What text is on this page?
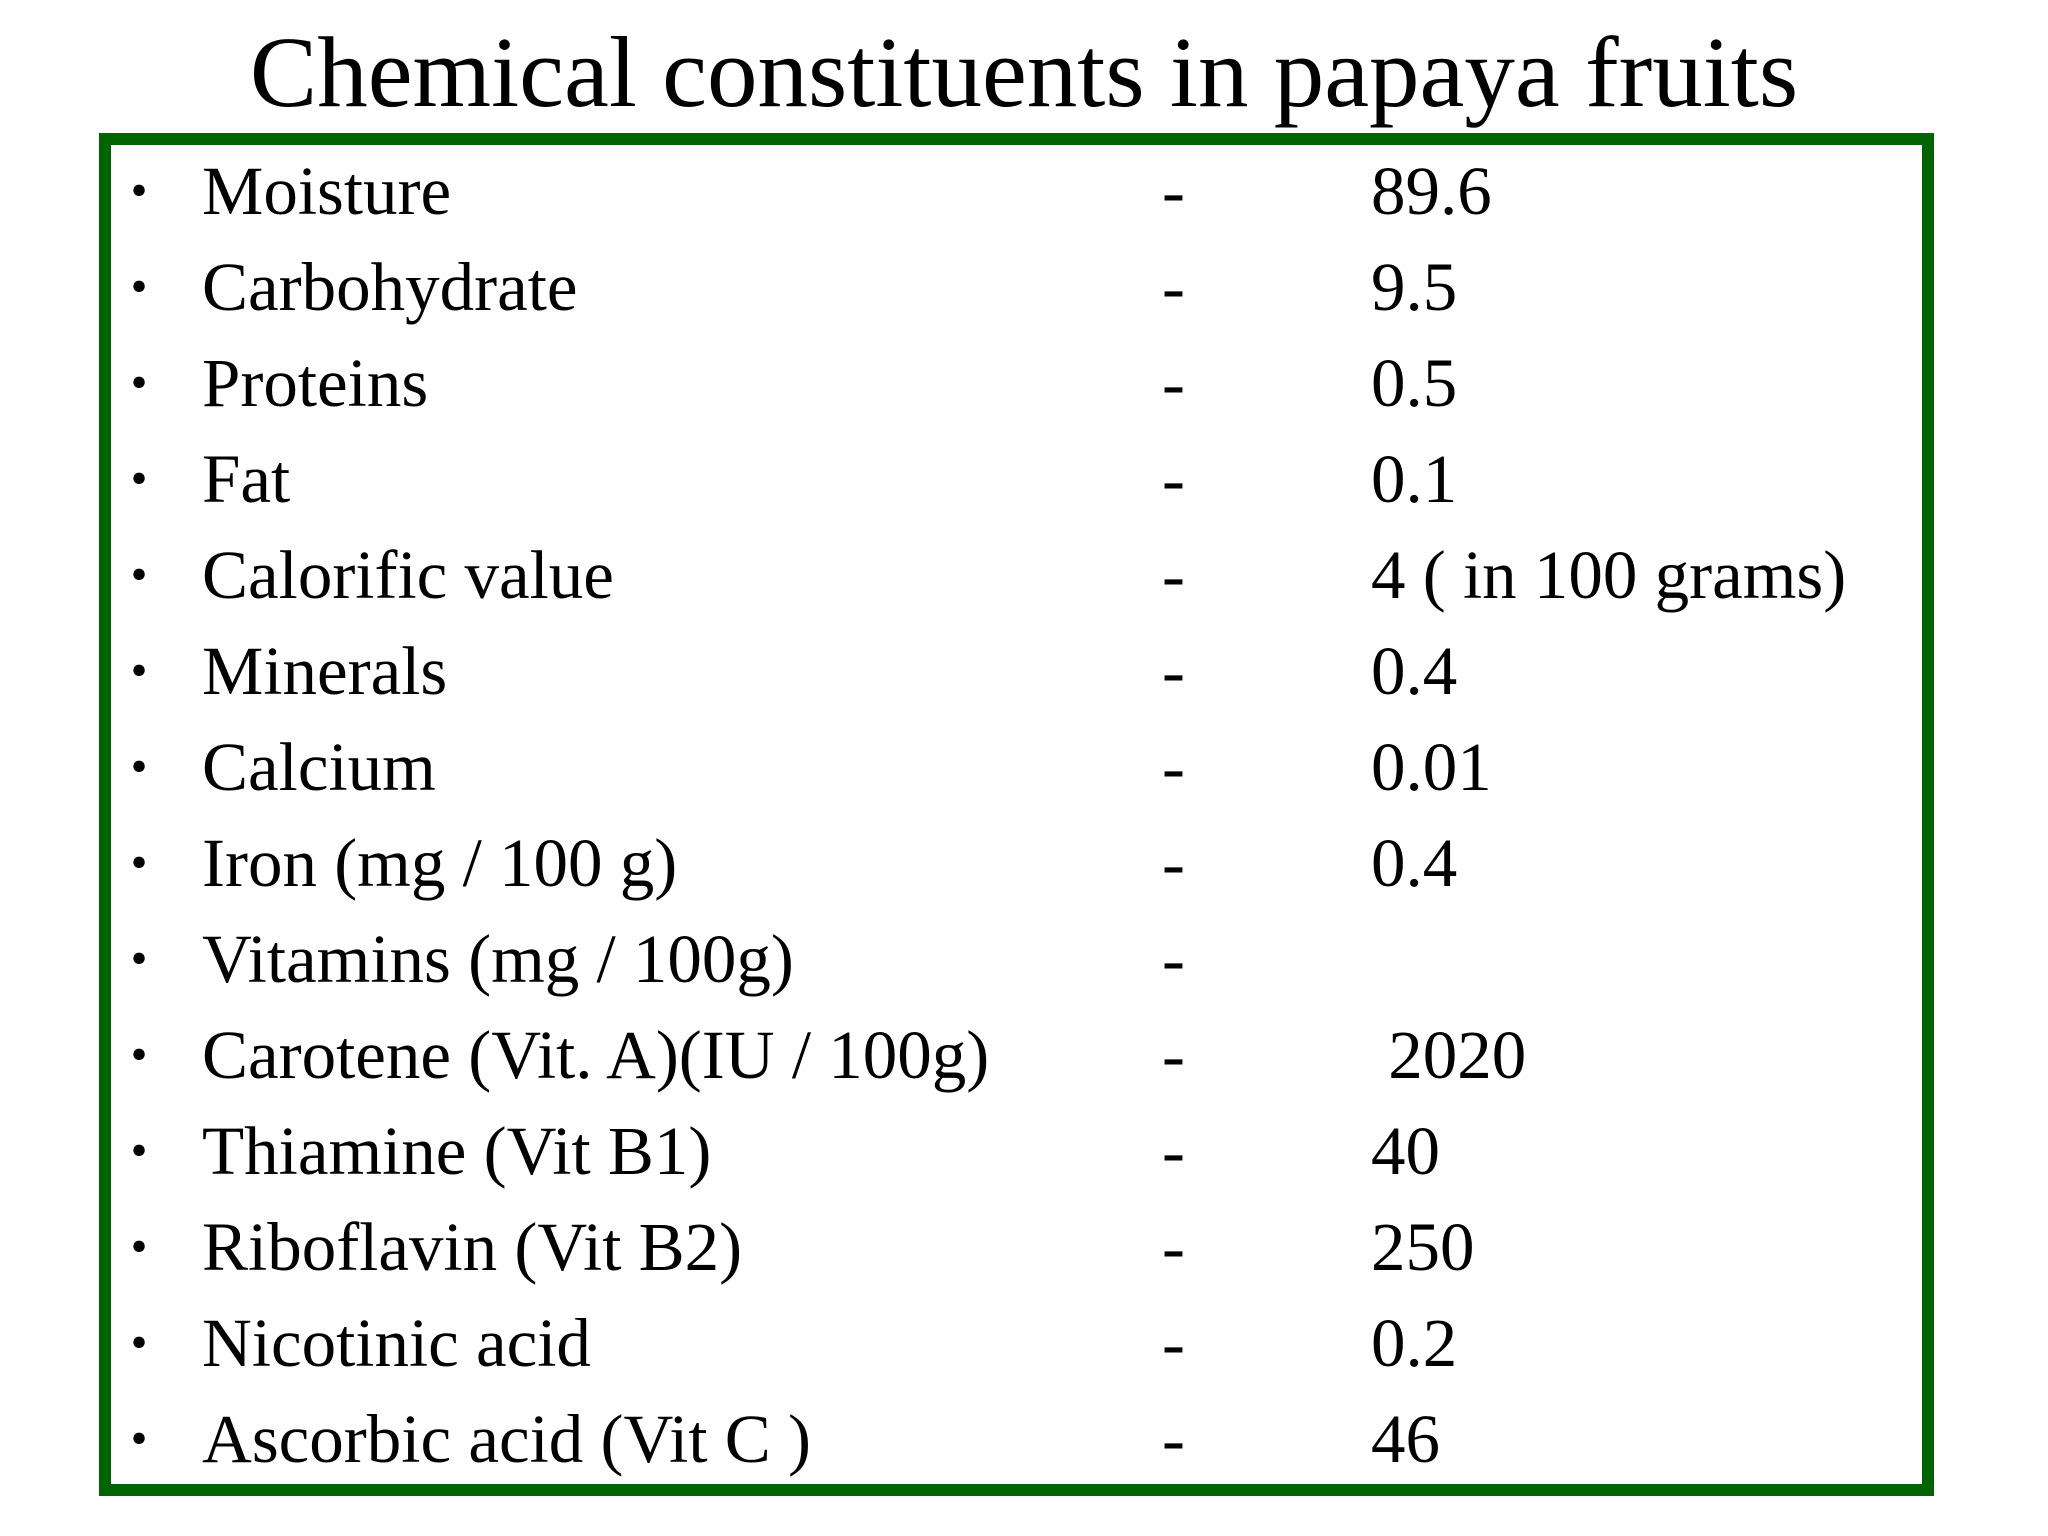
Chemical constituents in papaya fruits
• Moisture	-	89.6
• Carbohydrate	-	9.5
• Proteins	-	0.5
• Fat	-	0.1
• Calorific value	-	4 ( in 100 grams)
• Minerals	-	0.4
• Calcium	-	0.01
• Iron (mg / 100 g)	-	0.4
• Vitamins (mg / 100g)	-
• Carotene (Vit. A)(IU / 100g)	-	2020
• Thiamine (Vit B1)	-	40
• Riboflavin (Vit B2)	-	250
• Nicotinic acid	-	0.2
• Ascorbic acid (Vit C )	-	46
